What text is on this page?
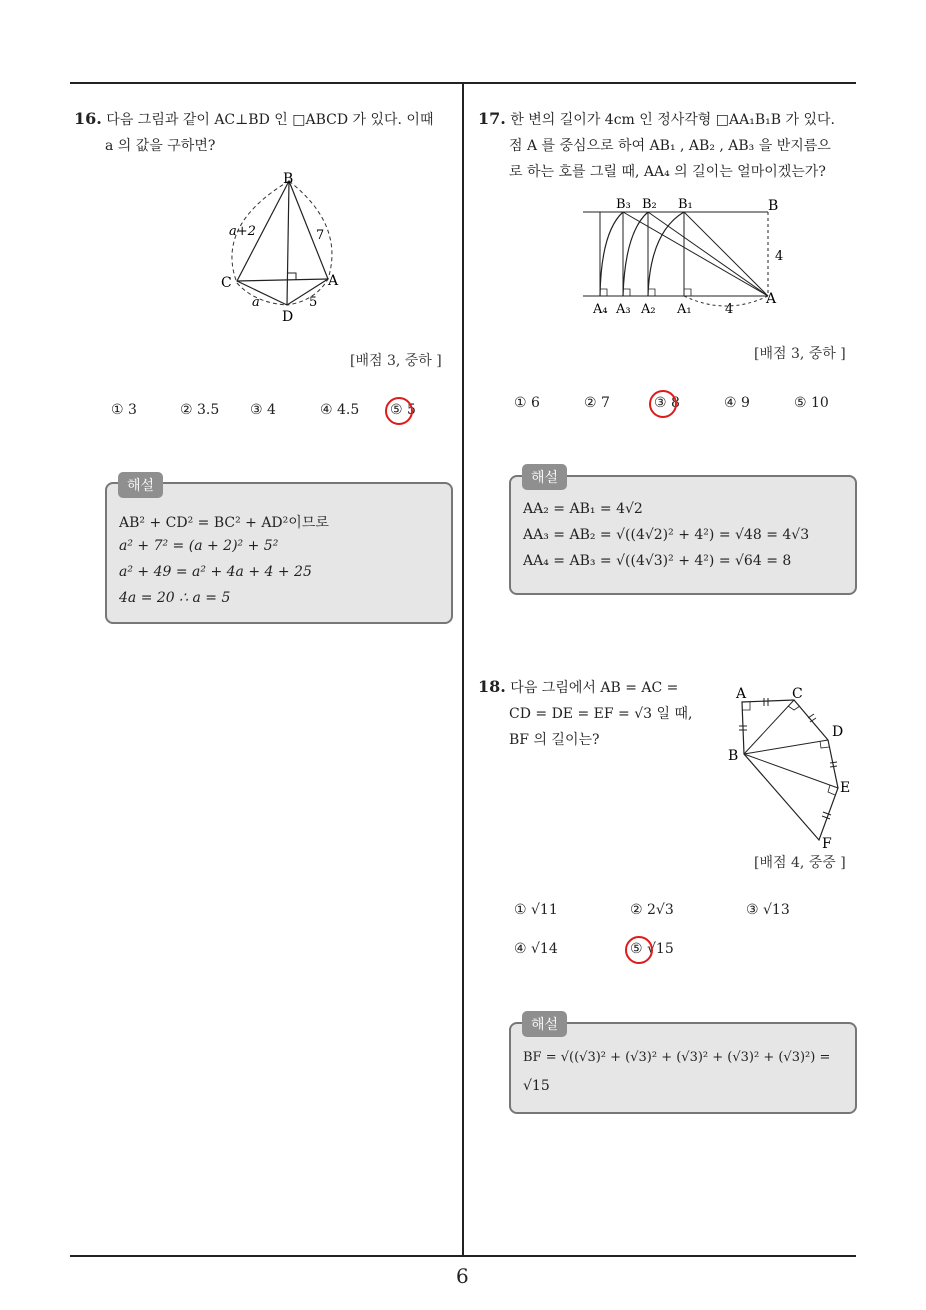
16. 다음 그림과 같이 AC⊥BD 인 □ABCD 가 있다. 이때
a 의 값을 구하면?
B
C	A
D
a+2	7
a	5
[배점 3, 중하 ]
① 3	② 3.5 ③ 4	④ 4.5 ⑤ 5
AB² + CD² = BC² + AD²이므로
a² + 7² = (a + 2)² + 5²
a² + 49 = a² + 4a + 4 + 25
4a = 20 ∴ a = 5
해설
17. 한 변의 길이가 4cm 인 정사각형 □AA₁B₁B 가 있다.
점 A 를 중심으로 하여 AB₁ , AB₂ , AB₃ 을 반지름으
로 하는 호를 그릴 때, AA₄ 의 길이는 얼마이겠는가?
B₃ B₂ B₁	B
4
A₄ A₃ A₂ A₁	4
A
[배점 3, 중하 ]
① 6	② 7	③ 8	④ 9	⑤ 10
AA₂ = AB₁ = 4√2
AA₃ = AB₂ = √((4√2)² + 4²) = √48 = 4√3
AA₄ = AB₃ = √((4√3)² + 4²) = √64 = 8
해설
18. 다음 그림에서 AB = AC =
CD = DE = EF = √3 일 때,
BF 의 길이는?
A	C
D
B
E
F
[배점 4, 중중 ]
① √11	② 2√3	③ √13
④ √14	⑤ √15
BF = √((√3)² + (√3)² + (√3)² + (√3)² + (√3)²) =
√15
해설
6
